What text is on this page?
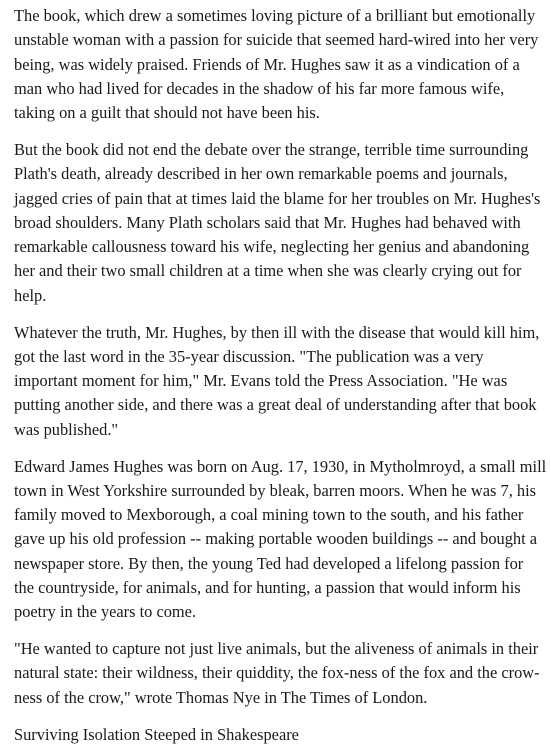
The book, which drew a sometimes loving picture of a brilliant but emotionally unstable woman with a passion for suicide that seemed hard-wired into her very being, was widely praised. Friends of Mr. Hughes saw it as a vindication of a man who had lived for decades in the shadow of his far more famous wife, taking on a guilt that should not have been his.

But the book did not end the debate over the strange, terrible time surrounding Plath's death, already described in her own remarkable poems and journals, jagged cries of pain that at times laid the blame for her troubles on Mr. Hughes's broad shoulders. Many Plath scholars said that Mr. Hughes had behaved with remarkable callousness toward his wife, neglecting her genius and abandoning her and their two small children at a time when she was clearly crying out for help.

Whatever the truth, Mr. Hughes, by then ill with the disease that would kill him, got the last word in the 35-year discussion. "The publication was a very important moment for him," Mr. Evans told the Press Association. "He was putting another side, and there was a great deal of understanding after that book was published."

Edward James Hughes was born on Aug. 17, 1930, in Mytholmroyd, a small mill town in West Yorkshire surrounded by bleak, barren moors. When he was 7, his family moved to Mexborough, a coal mining town to the south, and his father gave up his old profession -- making portable wooden buildings -- and bought a newspaper store. By then, the young Ted had developed a lifelong passion for the countryside, for animals, and for hunting, a passion that would inform his poetry in the years to come.

"He wanted to capture not just live animals, but the aliveness of animals in their natural state: their wildness, their quiddity, the fox-ness of the fox and the crow-ness of the crow," wrote Thomas Nye in The Times of London.

Surviving Isolation Steeped in Shakespeare
